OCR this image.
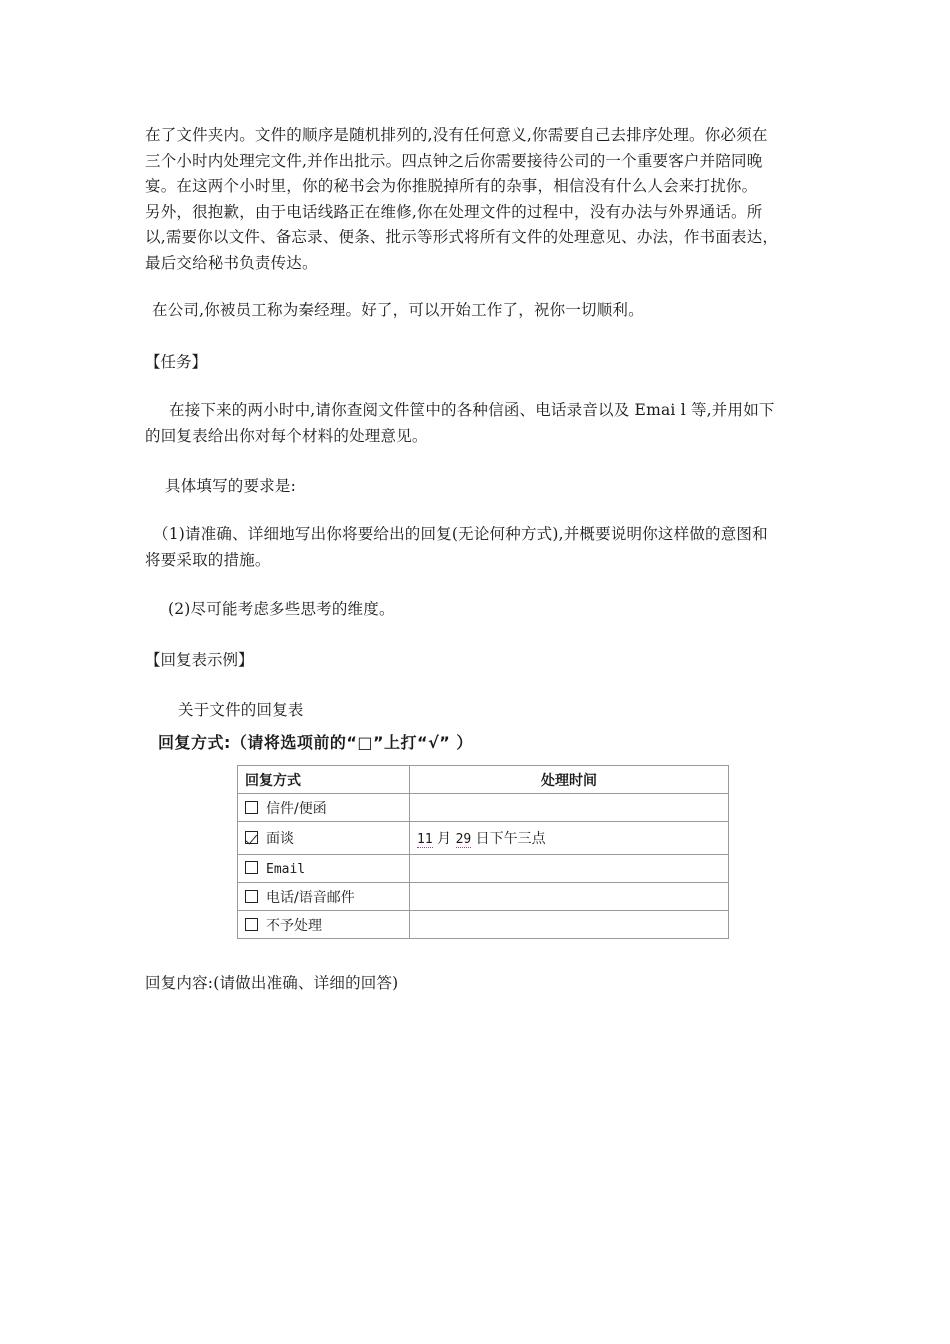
在了文件夹内。文件的顺序是随机排列的,没有任何意义,你需要自己去排序处理。你必须在
三个小时内处理完文件,并作出批示。四点钟之后你需要接待公司的一个重要客户并陪同晚
宴。在这两个小时里，你的秘书会为你推脱掉所有的杂事，相信没有什么人会来打扰你。
另外，很抱歉，由于电话线路正在维修,你在处理文件的过程中，没有办法与外界通话。所
以,需要你以文件、备忘录、便条、批示等形式将所有文件的处理意见、办法，作书面表达，
最后交给秘书负责传达。
在公司,你被员工称为秦经理。好了，可以开始工作了，祝你一切顺利。
【任务】
在接下来的两小时中,请你查阅文件筐中的各种信函、电话录音以及 Emai l 等,并用如下
的回复表给出你对每个材料的处理意见。
具体填写的要求是:
（1)请准确、详细地写出你将要给出的回复(无论何种方式),并概要说明你这样做的意图和
将要采取的措施。
(2)尽可能考虑多些思考的维度。
【回复表示例】
关于文件的回复表
回复方式:（请将选项前的“□”上打“√” ）
回复方式	处理时间
信件/便函	
面谈	11 月 29 日下午三点
Email	
电话/语音邮件	
不予处理	
回复内容:(请做出准确、详细的回答)
